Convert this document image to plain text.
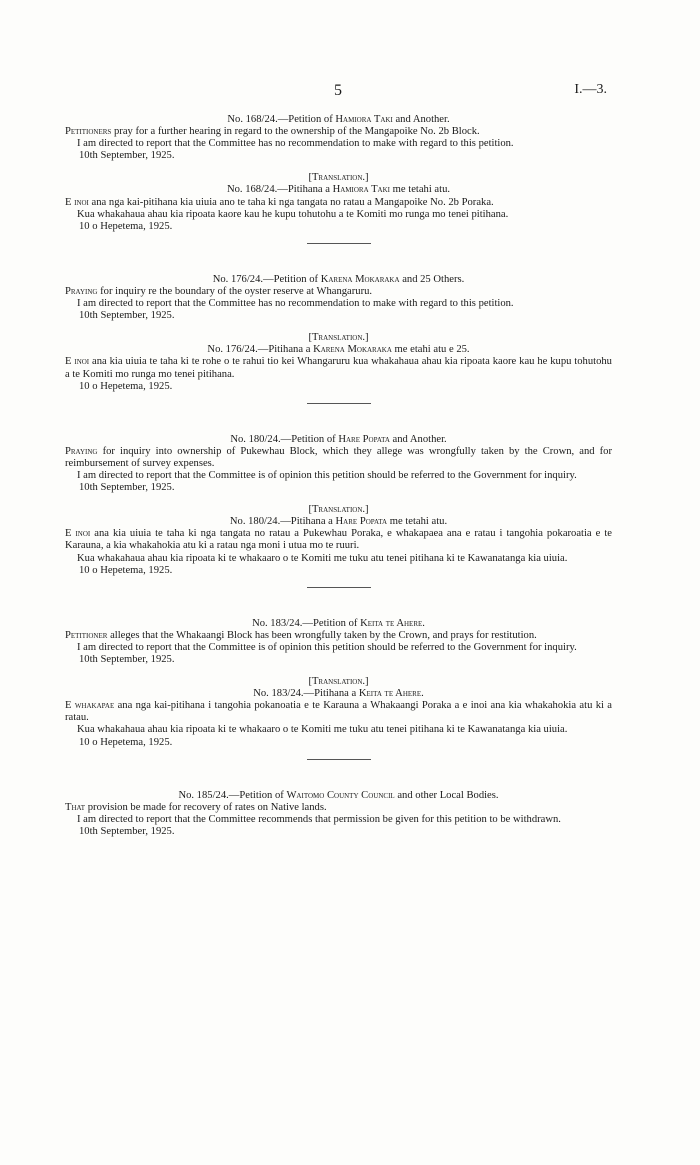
5	I.—3.

No. 168/24.—Petition of Hamiora Taki and Another.

Petitioners pray for a further hearing in regard to the ownership of the Mangapoike No. 2b Block.

I am directed to report that the Committee has no recommendation to make with regard to this petition.

10th September, 1925.

[Translation.]

No. 168/24.—Pitihana a Hamiora Taki me tetahi atu.

E inoi ana nga kai-pitihana kia uiuia ano te taha ki nga tangata no ratau a Mangapoike No. 2b Poraka.

Kua whakahaua ahau kia ripoata kaore kau he kupu tohutohu a te Komiti mo runga mo tenei pitihana.

10 o Hepetema, 1925.

No. 176/24.—Petition of Karena Mokaraka and 25 Others.

Praying for inquiry re the boundary of the oyster reserve at Whangaruru.

I am directed to report that the Committee has no recommendation to make with regard to this petition.

10th September, 1925.

[Translation.]

No. 176/24.—Pitihana a Karena Mokaraka me etahi atu e 25.

E inoi ana kia uiuia te taha ki te rohe o te rahui tio kei Whangaruru kua whakahaua ahau kia ripoata kaore kau he kupu tohutohu a te Komiti mo runga mo tenei pitihana.

10 o Hepetema, 1925.

No. 180/24.—Petition of Hare Popata and Another.

Praying for inquiry into ownership of Pukewhau Block, which they allege was wrongfully taken by the Crown, and for reimbursement of survey expenses.

I am directed to report that the Committee is of opinion this petition should be referred to the Government for inquiry.

10th September, 1925.

[Translation.]

No. 180/24.—Pitihana a Hare Popata me tetahi atu.

E inoi ana kia uiuia te taha ki nga tangata no ratau a Pukewhau Poraka, e whakapaea ana e ratau i tangohia pokaroatia e te Karauna, a kia whakahokia atu ki a ratau nga moni i utua mo te ruuri.

Kua whakahaua ahau kia ripoata ki te whakaaro o te Komiti me tuku atu tenei pitihana ki te Kawanatanga kia uiuia.

10 o Hepetema, 1925.

No. 183/24.—Petition of Keita te Ahere.

Petitioner alleges that the Whakaangi Block has been wrongfully taken by the Crown, and prays for restitution.

I am directed to report that the Committee is of opinion this petition should be referred to the Government for inquiry.

10th September, 1925.

[Translation.]

No. 183/24.—Pitihana a Keita te Ahere.

E whakapae ana nga kai-pitihana i tangohia pokanoatia e te Karauna a Whakaangi Poraka a e inoi ana kia whakahokia atu ki a ratau.

Kua whakahaua ahau kia ripoata ki te whakaaro o te Komiti me tuku atu tenei pitihana ki te Kawanatanga kia uiuia.

10 o Hepetema, 1925.

No. 185/24.—Petition of Waitomo County Council and other Local Bodies.

That provision be made for recovery of rates on Native lands.

I am directed to report that the Committee recommends that permission be given for this petition to be withdrawn.

10th September, 1925.
